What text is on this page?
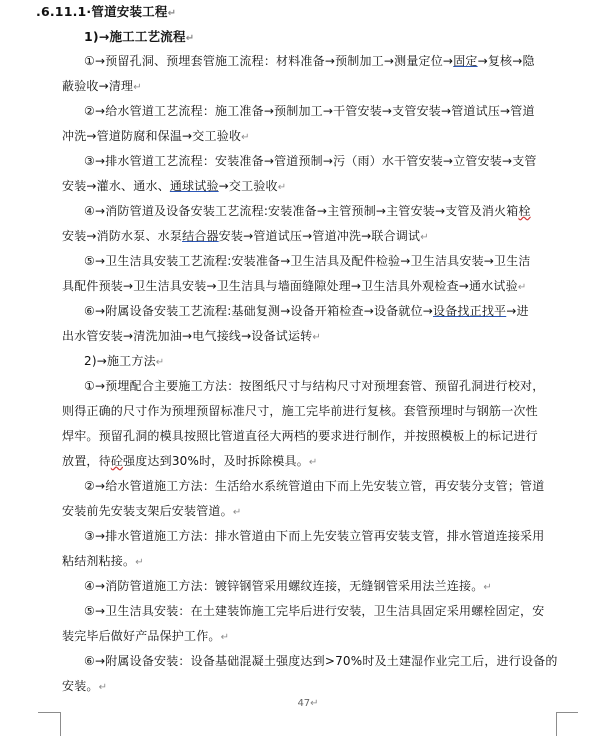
.6.11.1·管道安装工程↵
1)→施工工艺流程↵
①→预留孔洞、预埋套管施工流程：材料准备→预制加工→测量定位→固定→复核→隐
蔽验收→清理↵
②→给水管道工艺流程：施工准备→预制加工→干管安装→支管安装→管道试压→管道
冲洗→管道防腐和保温→交工验收↵
③→排水管道工艺流程：安装准备→管道预制→污（雨）水干管安装→立管安装→支管
安装→灌水、通水、通球试验→交工验收↵
④→消防管道及设备安装工艺流程:安装准备→主管预制→主管安装→支管及消火箱栓
安装→消防水泵、水泵结合器安装→管道试压→管道冲洗→联合调试↵
⑤→卫生洁具安装工艺流程:安装准备→卫生洁具及配件检验→卫生洁具安装→卫生洁
具配件预装→卫生洁具安装→卫生洁具与墙面缝隙处理→卫生洁具外观检查→通水试验↵
⑥→附属设备安装工艺流程:基础复测→设备开箱检查→设备就位→设备找正找平→进
出水管安装→清洗加油→电气接线→设备试运转↵
2)→施工方法↵
①→预埋配合主要施工方法：按图纸尺寸与结构尺寸对预埋套管、预留孔洞进行校对，
则得正确的尺寸作为预埋预留标准尺寸，施工完毕前进行复核。套管预埋时与钢筋一次性
焊牢。预留孔洞的模具按照比管道直径大两档的要求进行制作，并按照模板上的标记进行
放置，待砼强度达到30%时，及时拆除模具。↵
②→给水管道施工方法：生活给水系统管道由下而上先安装立管，再安装分支管；管道
安装前先安装支架后安装管道。↵
③→排水管道施工方法：排水管道由下而上先安装立管再安装支管，排水管道连接采用
粘结剂粘接。↵
④→消防管道施工方法：镀锌钢管采用螺纹连接，无缝钢管采用法兰连接。↵
⑤→卫生洁具安装：在土建装饰施工完毕后进行安装，卫生洁具固定采用螺栓固定，安
装完毕后做好产品保护工作。↵
⑥→附属设备安装：设备基础混凝土强度达到>70%时及土建湿作业完工后，进行设备的
安装。↵
47↵
